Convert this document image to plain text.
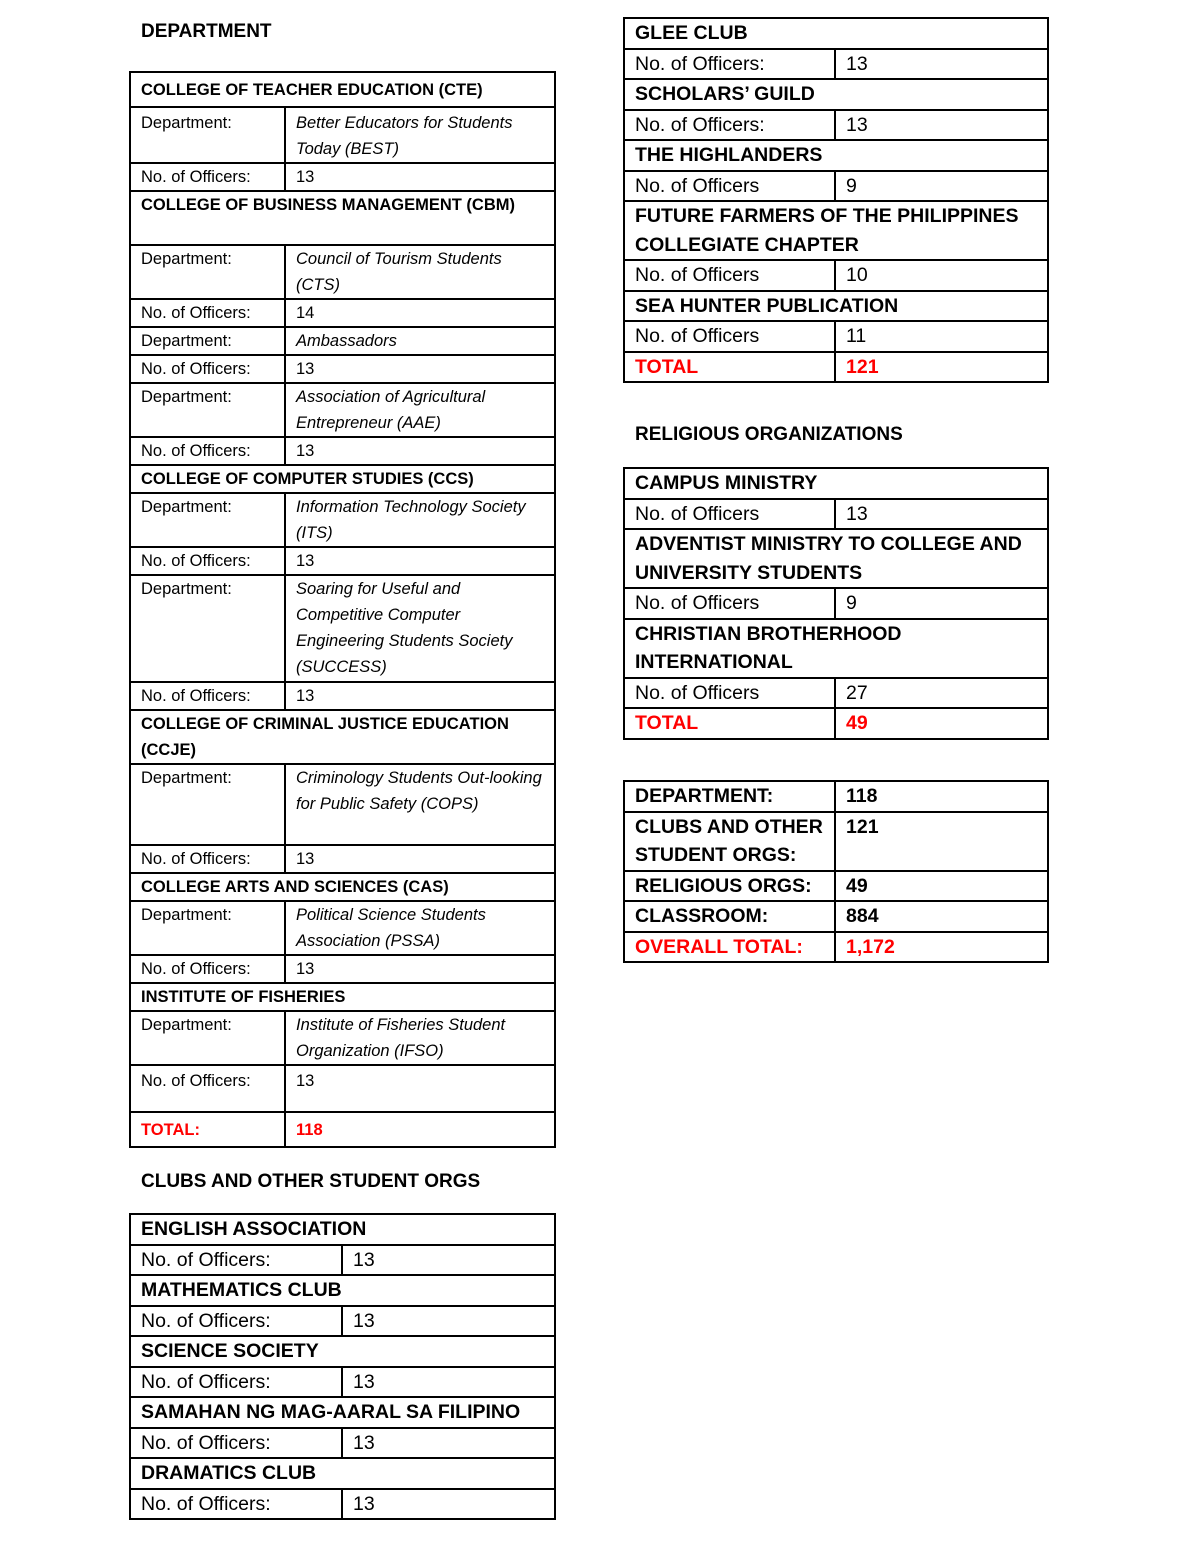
DEPARTMENT
COLLEGE OF TEACHER EDUCATION (CTE)	
Department:	Better Educators for Students Today (BEST)
No. of Officers:	13
COLLEGE OF BUSINESS MANAGEMENT (CBM)	
Department:	Council of Tourism Students (CTS)
No. of Officers:	14
Department:	Ambassadors
No. of Officers:	13
Department:	Association of Agricultural Entrepreneur (AAE)
No. of Officers:	13
COLLEGE OF COMPUTER STUDIES (CCS)	
Department:	Information Technology Society (ITS)
No. of Officers:	13
Department:	Soaring for Useful and Competitive Computer Engineering Students Society (SUCCESS)
No. of Officers:	13
COLLEGE OF CRIMINAL JUSTICE EDUCATION (CCJE)	
Department:	Criminology Students Out-looking for Public Safety (COPS)
No. of Officers:	13
COLLEGE ARTS AND SCIENCES (CAS)	
Department:	Political Science Students Association (PSSA)
No. of Officers:	13
INSTITUTE OF FISHERIES	
Department:	Institute of Fisheries Student Organization (IFSO)
No. of Officers:	13
TOTAL:	118
CLUBS AND OTHER STUDENT ORGS
ENGLISH ASSOCIATION	
No. of Officers:	13
MATHEMATICS CLUB	
No. of Officers:	13
SCIENCE SOCIETY	
No. of Officers:	13
SAMAHAN NG MAG-AARAL SA FILIPINO	
No. of Officers:	13
DRAMATICS CLUB	
No. of Officers:	13
GLEE CLUB	
No. of Officers:	13
SCHOLARS’ GUILD	
No. of Officers:	13
THE HIGHLANDERS	
No. of Officers	9
FUTURE FARMERS OF THE PHILIPPINES COLLEGIATE CHAPTER	
No. of Officers	10
SEA HUNTER PUBLICATION	
No. of Officers	11
TOTAL	121
RELIGIOUS ORGANIZATIONS
CAMPUS MINISTRY	
No. of Officers	13
ADVENTIST MINISTRY TO COLLEGE AND UNIVERSITY STUDENTS	
No. of Officers	9
CHRISTIAN BROTHERHOOD INTERNATIONAL	
No. of Officers	27
TOTAL	49
DEPARTMENT:	118
CLUBS AND OTHER STUDENT ORGS:	121
RELIGIOUS ORGS:	49
CLASSROOM:	884
OVERALL TOTAL:	1,172
